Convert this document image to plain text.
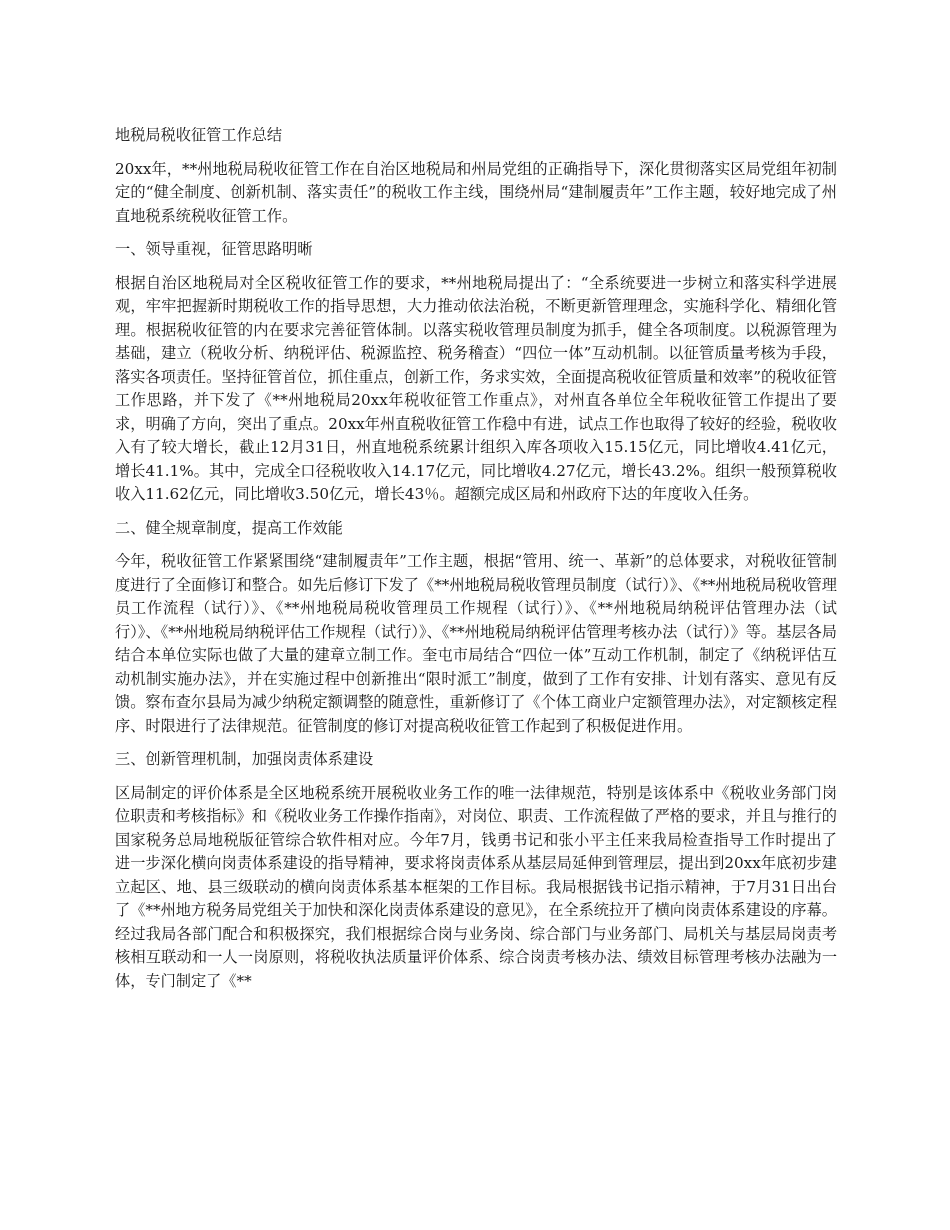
地税局税收征管工作总结

20xx年，**州地税局税收征管工作在自治区地税局和州局党组的正确指导下，深化贯彻落实区局党组年初制定的“健全制度、创新机制、落实责任”的税收工作主线，围绕州局“建制履责年”工作主题，较好地完成了州直地税系统税收征管工作。

一、领导重视，征管思路明晰

根据自治区地税局对全区税收征管工作的要求，**州地税局提出了：“全系统要进一步树立和落实科学进展观，牢牢把握新时期税收工作的指导思想，大力推动依法治税，不断更新管理理念，实施科学化、精细化管理。根据税收征管的内在要求完善征管体制。以落实税收管理员制度为抓手，健全各项制度。以税源管理为基础，建立（税收分析、纳税评估、税源监控、税务稽查）“四位一体”互动机制。以征管质量考核为手段，落实各项责任。坚持征管首位，抓住重点，创新工作，务求实效，全面提高税收征管质量和效率”的税收征管工作思路，并下发了《**州地税局20xx年税收征管工作重点》，对州直各单位全年税收征管工作提出了要求，明确了方向，突出了重点。20xx年州直税收征管工作稳中有进，试点工作也取得了较好的经验，税收收入有了较大增长，截止12月31日，州直地税系统累计组织入库各项收入15.15亿元，同比增收4.41亿元，增长41.1%。其中，完成全口径税收收入14.17亿元，同比增收4.27亿元，增长43.2%。组织一般预算税收收入11.62亿元，同比增收3.50亿元，增长43％。超额完成区局和州政府下达的年度收入任务。

二、健全规章制度，提高工作效能

今年，税收征管工作紧紧围绕“建制履责年”工作主题，根据“管用、统一、革新”的总体要求，对税收征管制度进行了全面修订和整合。如先后修订下发了《**州地税局税收管理员制度（试行）》、《**州地税局税收管理员工作流程（试行）》、《**州地税局税收管理员工作规程（试行）》、《**州地税局纳税评估管理办法（试行）》、《**州地税局纳税评估工作规程（试行）》、《**州地税局纳税评估管理考核办法（试行）》等。基层各局结合本单位实际也做了大量的建章立制工作。奎屯市局结合“四位一体”互动工作机制，制定了《纳税评估互动机制实施办法》，并在实施过程中创新推出“限时派工”制度，做到了工作有安排、计划有落实、意见有反馈。察布查尔县局为减少纳税定额调整的随意性，重新修订了《个体工商业户定额管理办法》，对定额核定程序、时限进行了法律规范。征管制度的修订对提高税收征管工作起到了积极促进作用。

三、创新管理机制，加强岗责体系建设

区局制定的评价体系是全区地税系统开展税收业务工作的唯一法律规范，特别是该体系中《税收业务部门岗位职责和考核指标》和《税收业务工作操作指南》，对岗位、职责、工作流程做了严格的要求，并且与推行的国家税务总局地税版征管综合软件相对应。今年7月，钱勇书记和张小平主任来我局检查指导工作时提出了进一步深化横向岗责体系建设的指导精神，要求将岗责体系从基层局延伸到管理层，提出到20xx年底初步建立起区、地、县三级联动的横向岗责体系基本框架的工作目标。我局根据钱书记指示精神，于7月31日出台了《**州地方税务局党组关于加快和深化岗责体系建设的意见》，在全系统拉开了横向岗责体系建设的序幕。经过我局各部门配合和积极探究，我们根据综合岗与业务岗、综合部门与业务部门、局机关与基层局岗责考核相互联动和一人一岗原则，将税收执法质量评价体系、综合岗责考核办法、绩效目标管理考核办法融为一体，专门制定了《**
